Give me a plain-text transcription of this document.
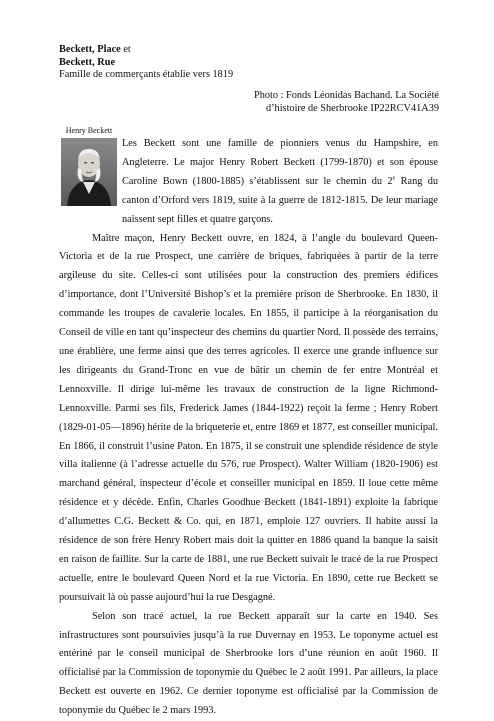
Beckett, Place et
Beckett, Rue
Famille de commerçants établie vers 1819
Photo : Fonds Léonidas Bachand. La Société
d’histoire de Sherbrooke IP22RCV41A39
Henry Beckett

Les Beckett sont une famille de pionniers venus du Hampshire, en Angleterre. Le major Henry Robert Beckett (1799-1870) et son épouse Caroline Bown (1800-1885) s’établissent sur le chemin du 2e Rang du canton d’Orford vers 1819, suite à la guerre de 1812-1815. De leur mariage naissent sept filles et quatre garçons.

Maître maçon, Henry Beckett ouvre, en 1824, à l’angle du boulevard Queen-Victoria et de la rue Prospect, une carrière de briques, fabriquées à partir de la terre argileuse du site. Celles-ci sont utilisées pour la construction des premiers édifices d’importance, dont l’Université Bishop’s et la première prison de Sherbrooke. En 1830, il commande les troupes de cavalerie locales. En 1855, il participe à la réorganisation du Conseil de ville en tant qu’inspecteur des chemins du quartier Nord. Il possède des terrains, une érablière, une ferme ainsi que des terres agricoles. Il exerce une grande influence sur les dirigeants du Grand-Tronc en vue de bâtir un chemin de fer entre Montréal et Lennoxville. Il dirige lui-même les travaux de construction de la ligne Richmond-Lennoxville. Parmi ses fils, Frederick James (1844-1922) reçoit la ferme ; Henry Robert (1829-01-05—1896) hérite de la briqueterie et, entre 1869 et 1877, est conseiller municipal. En 1866, il construit l’usine Paton. En 1875, il se construit une splendide résidence de style villa italienne (à l’adresse actuelle du 576, rue Prospect). Walter William (1820-1906) est marchand général, inspecteur d’école et conseiller municipal en 1859. Il loue cette même résidence et y décède. Enfin, Charles Goodhue Beckett (1841-1891) exploite la fabrique d’allumettes C.G. Beckett & Co. qui, en 1871, emploie 127 ouvriers. Il habite aussi la résidence de son frère Henry Robert mais doit la quitter en 1886 quand la banque la saisit en raison de faillite. Sur la carte de 1881, une rue Beckett suivait le tracé de la rue Prospect actuelle, entre le boulevard Queen Nord et la rue Victoria. En 1890, cette rue Beckett se poursuivait là où passe aujourd’hui la rue Desgagné.

Selon son tracé actuel, la rue Beckett apparaît sur la carte en 1940. Ses infrastructures sont poursuivies jusqu’à la rue Duvernay en 1953. Le toponyme actuel est entériné par le conseil municipal de Sherbrooke lors d’une réunion en août 1960. Il officialisé par la Commission de toponymie du Québec le 2 août 1991. Par ailleurs, la place Beckett est ouverte en 1962. Ce dernier toponyme est officialisé par la Commission de toponymie du Québec le 2 mars 1993.
